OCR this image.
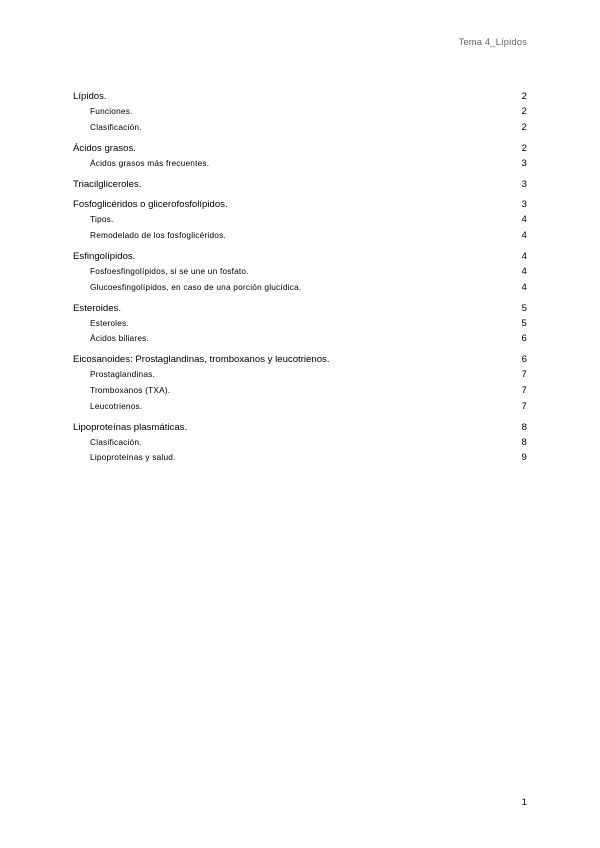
Tema 4_Lípidos
Lípidos.	2
Funciones.	2
Clasificación.	2
Ácidos grasos.	2
Ácidos grasos más frecuentes.	3
Triacilgliceroles.	3
Fosfoglicéridos o glicerofosfolípidos.	3
Tipos.	4
Remodelado de los fosfoglicéridos.	4
Esfingolípidos.	4
Fosfoesfingolípidos, si se une un fosfato.	4
Glucoesfingolípidos, en caso de una porción glucídica.	4
Esteroides.	5
Esteroles.	5
Ácidos biliares.	6
Eicosanoides: Prostaglandinas, tromboxanos y leucotrienos.	6
Prostaglandinas.	7
Tromboxanos (TXA).	7
Leucotrienos.	7
Lipoproteínas plasmáticas.	8
Clasificación.	8
Lipoproteínas y salud.	9
1
